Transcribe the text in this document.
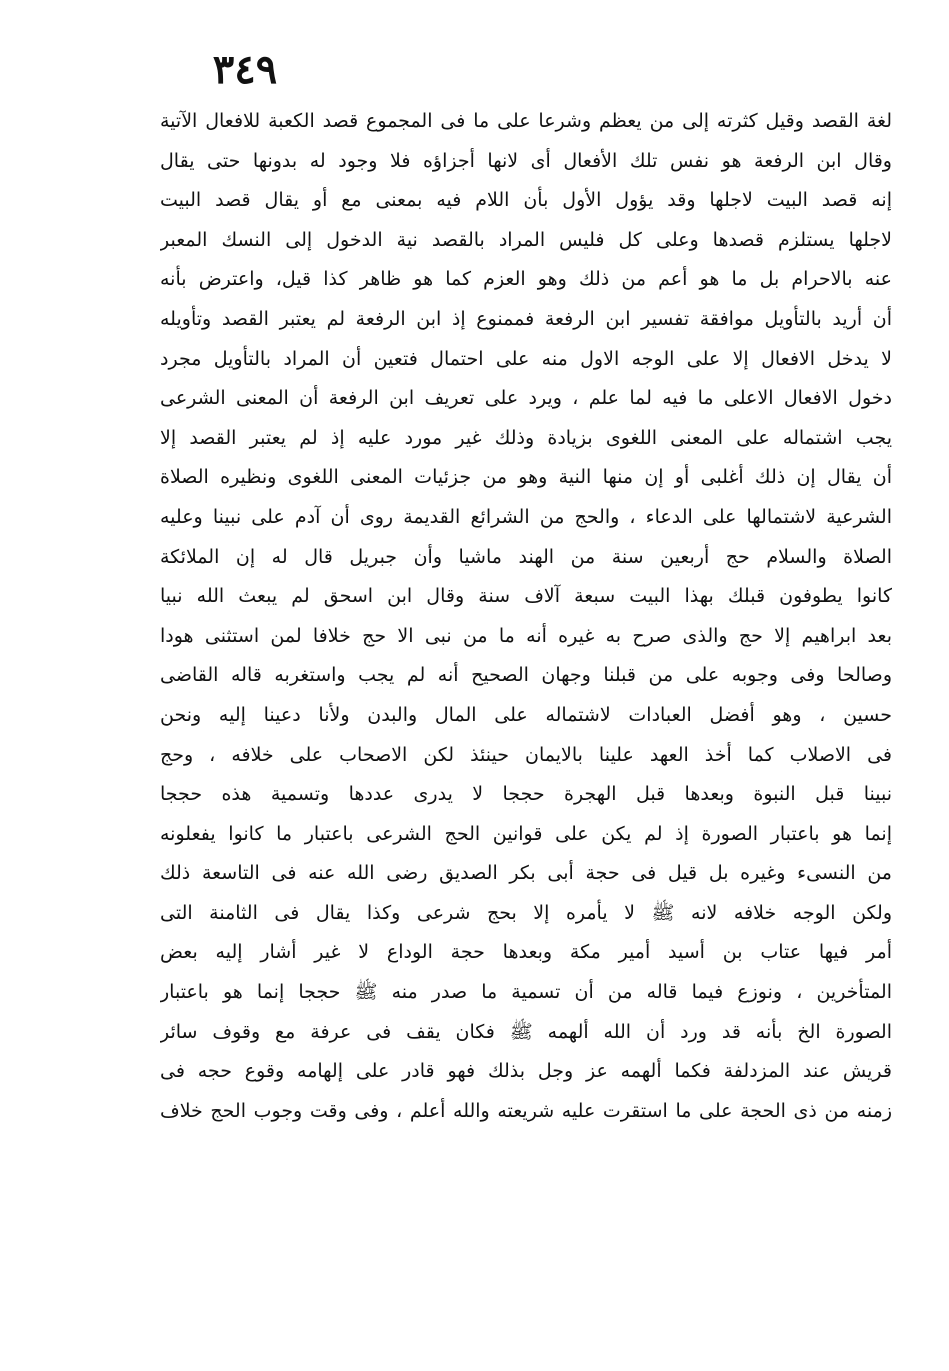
٣٤٩
لغة القصد وقيل كثرته إلى من يعظم وشرعا على ما فى المجموع قصد الكعبة للافعال الآتية
وقال ابن الرفعة هو نفس تلك الأفعال أى لانها أجزاؤه فلا وجود له بدونها حتى يقال
إنه قصد البيت لاجلها وقد يؤول الأول بأن اللام فيه بمعنى مع أو يقال قصد البيت
لاجلها يستلزم قصدها وعلى كل فليس المراد بالقصد نية الدخول إلى النسك المعبر
عنه بالاحرام بل ما هو أعم من ذلك وهو العزم كما هو ظاهر كذا قيل، واعترض بأنه
أن أريد بالتأويل موافقة تفسير ابن الرفعة فممنوع إذ ابن الرفعة لم يعتبر القصد وتأويله
لا يدخل الافعال إلا على الوجه الاول منه على احتمال فتعين أن المراد بالتأويل مجرد
دخول الافعال الاعلى ما فيه لما علم ، ويرد على تعريف ابن الرفعة أن المعنى الشرعى
يجب اشتماله على المعنى اللغوى بزيادة وذلك غير مورد عليه إذ لم يعتبر القصد إلا
أن يقال إن ذلك أغلبى أو إن منها النية وهو من جزئيات المعنى اللغوى ونظيره الصلاة
الشرعية لاشتمالها على الدعاء ، والحج من الشرائع القديمة روى أن آدم على نبينا وعليه
الصلاة والسلام حج أربعين سنة من الهند ماشيا وأن جبريل قال له إن الملائكة
كانوا يطوفون قبلك بهذا البيت سبعة آلاف سنة وقال ابن اسحق لم يبعث الله نبيا
بعد ابراهيم إلا حج والذى صرح به غيره أنه ما من نبى الا حج خلافا لمن استثنى هودا
وصالحا وفى وجوبه على من قبلنا وجهان الصحيح أنه لم يجب واستغربه قاله القاضى
حسين ، وهو أفضل العبادات لاشتماله على المال والبدن ولأنا دعينا إليه ونحن
فى الاصلاب كما أخذ العهد علينا بالايمان حينئذ لكن الاصحاب على خلافه ، وحج
نبينا قبل النبوة وبعدها قبل الهجرة حججا لا يدرى عددها وتسمية هذه حججا
إنما هو باعتبار الصورة إذ لم يكن على قوانين الحج الشرعى باعتبار ما كانوا يفعلونه
من النسىء وغيره بل قيل فى حجة أبى بكر الصديق رضى الله عنه فى التاسعة ذلك
ولكن الوجه خلافه لانه ﷺ لا يأمره إلا بحج شرعى وكذا يقال فى الثامنة التى
أمر فيها عتاب بن أسيد أمير مكة وبعدها حجة الوداع لا غير أشار إليه بعض
المتأخرين ، ونوزع فيما قاله من أن تسمية ما صدر منه ﷺ حججا إنما هو باعتبار
الصورة الخ بأنه قد ورد أن الله ألهمه ﷺ فكان يقف فى عرفة مع وقوف سائر
قريش عند المزدلفة فكما ألهمه عز وجل بذلك فهو قادر على إلهامه وقوع حجه فى
زمنه من ذى الحجة على ما استقرت عليه شريعته والله أعلم ، وفى وقت وجوب الحج خلاف
